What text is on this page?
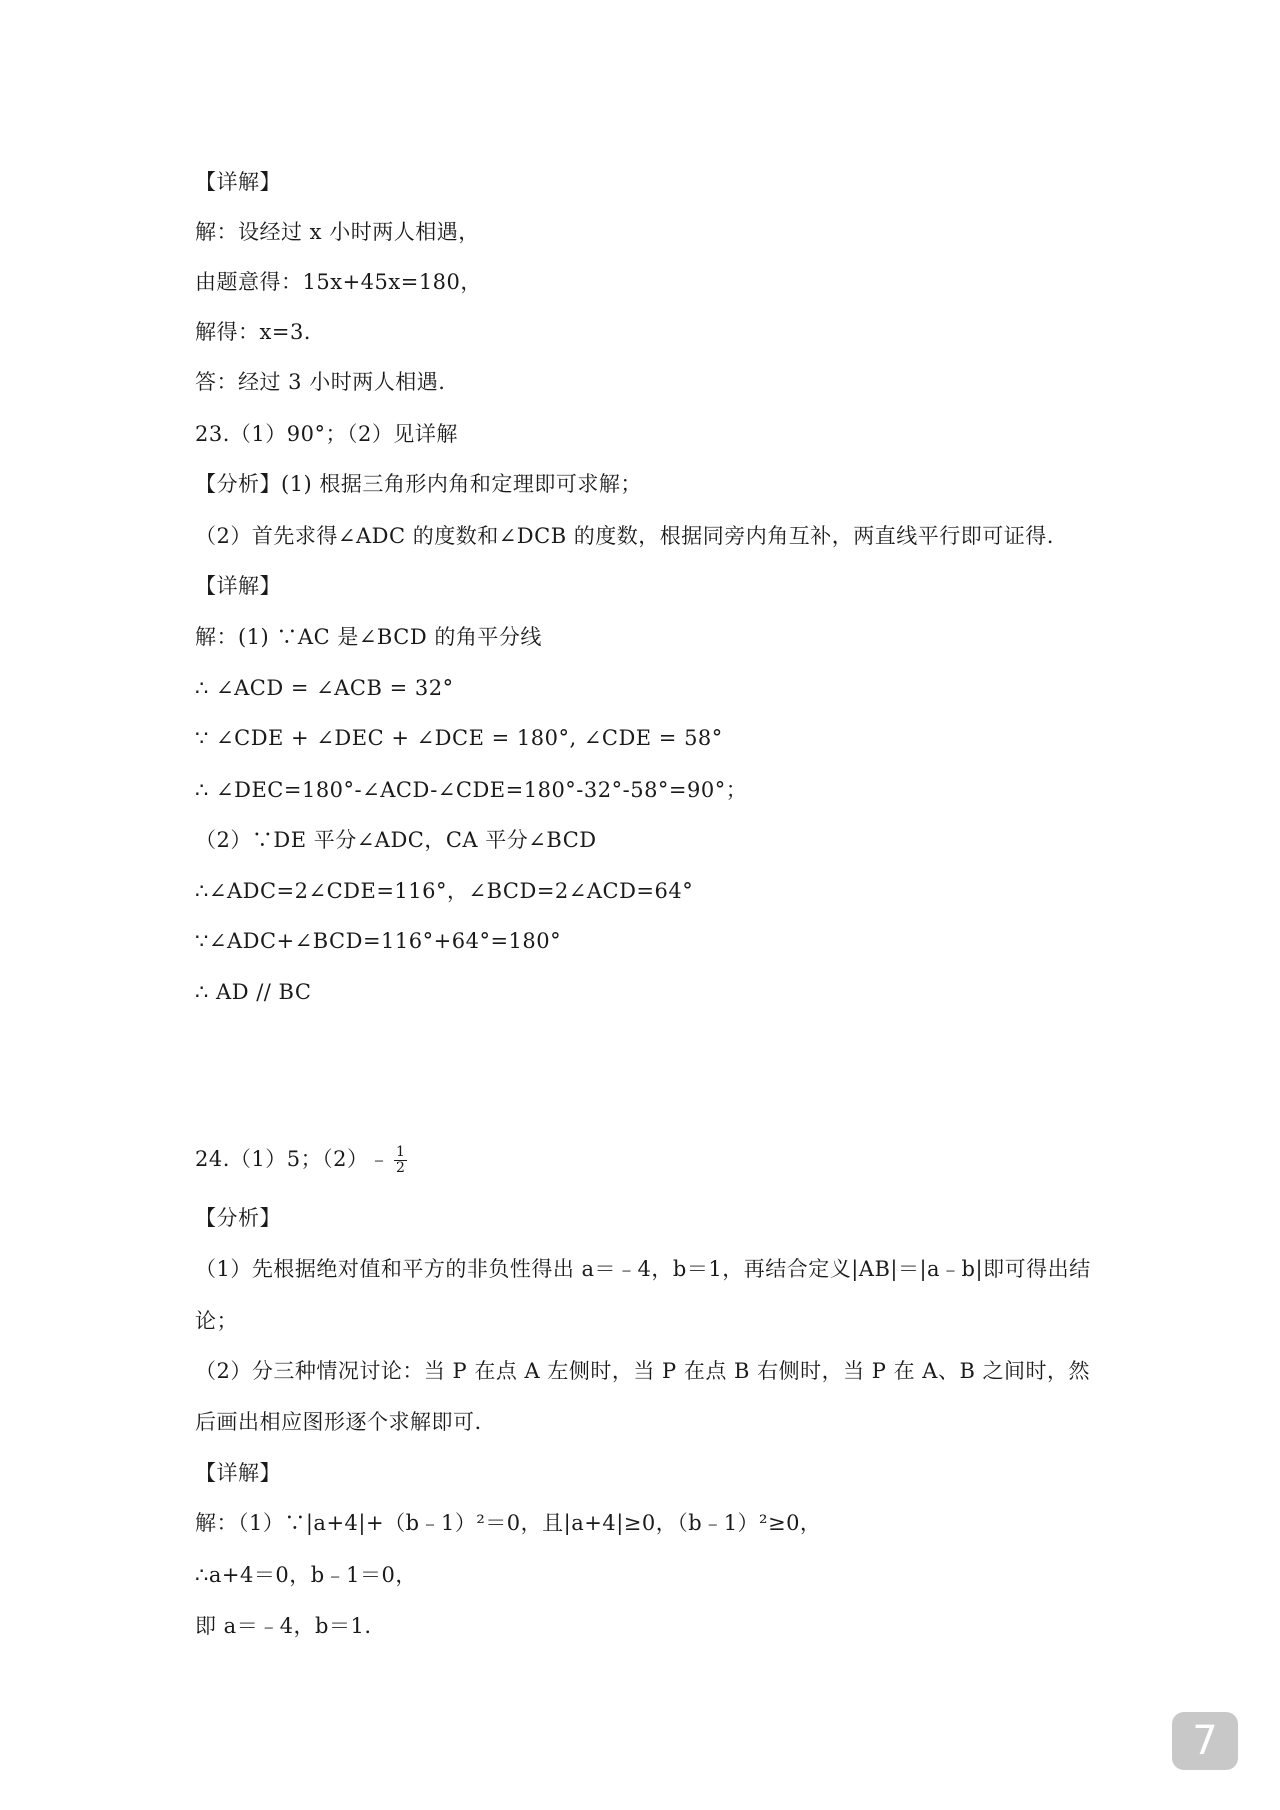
【详解】
解：设经过 x 小时两人相遇，
由题意得：15x+45x=180，
解得：x=3.
答：经过 3 小时两人相遇.
23.（1）90°；（2）见详解
【分析】(1) 根据三角形内角和定理即可求解；
（2）首先求得∠ADC 的度数和∠DCB 的度数，根据同旁内角互补，两直线平行即可证得.
【详解】
解：(1) ∵AC 是∠BCD 的角平分线
∴ ∠ACD = ∠ACB = 32°
∵ ∠CDE + ∠DEC + ∠DCE = 180°, ∠CDE = 58°
∴ ∠DEC=180°-∠ACD-∠CDE=180°-32°-58°=90°；
（2）∵DE 平分∠ADC，CA 平分∠BCD
∴∠ADC=2∠CDE=116°，∠BCD=2∠ACD=64°
∵∠ADC+∠BCD=116°+64°=180°
∴ AD // BC
24.（1）5；（2）﹣ $\frac{1}{2}$
【分析】
（1）先根据绝对值和平方的非负性得出 a＝﹣4，b＝1，再结合定义|AB|＝|a﹣b|即可得出结
论；
（2）分三种情况讨论：当 P 在点 A 左侧时，当 P 在点 B 右侧时，当 P 在 A、B 之间时，然
后画出相应图形逐个求解即可.
【详解】
解：（1）∵|a+4|+（b﹣1）²＝0，且|a+4|≥0，（b﹣1）²≥0，
∴a+4＝0，b﹣1＝0，
即 a＝﹣4，b＝1.
7
